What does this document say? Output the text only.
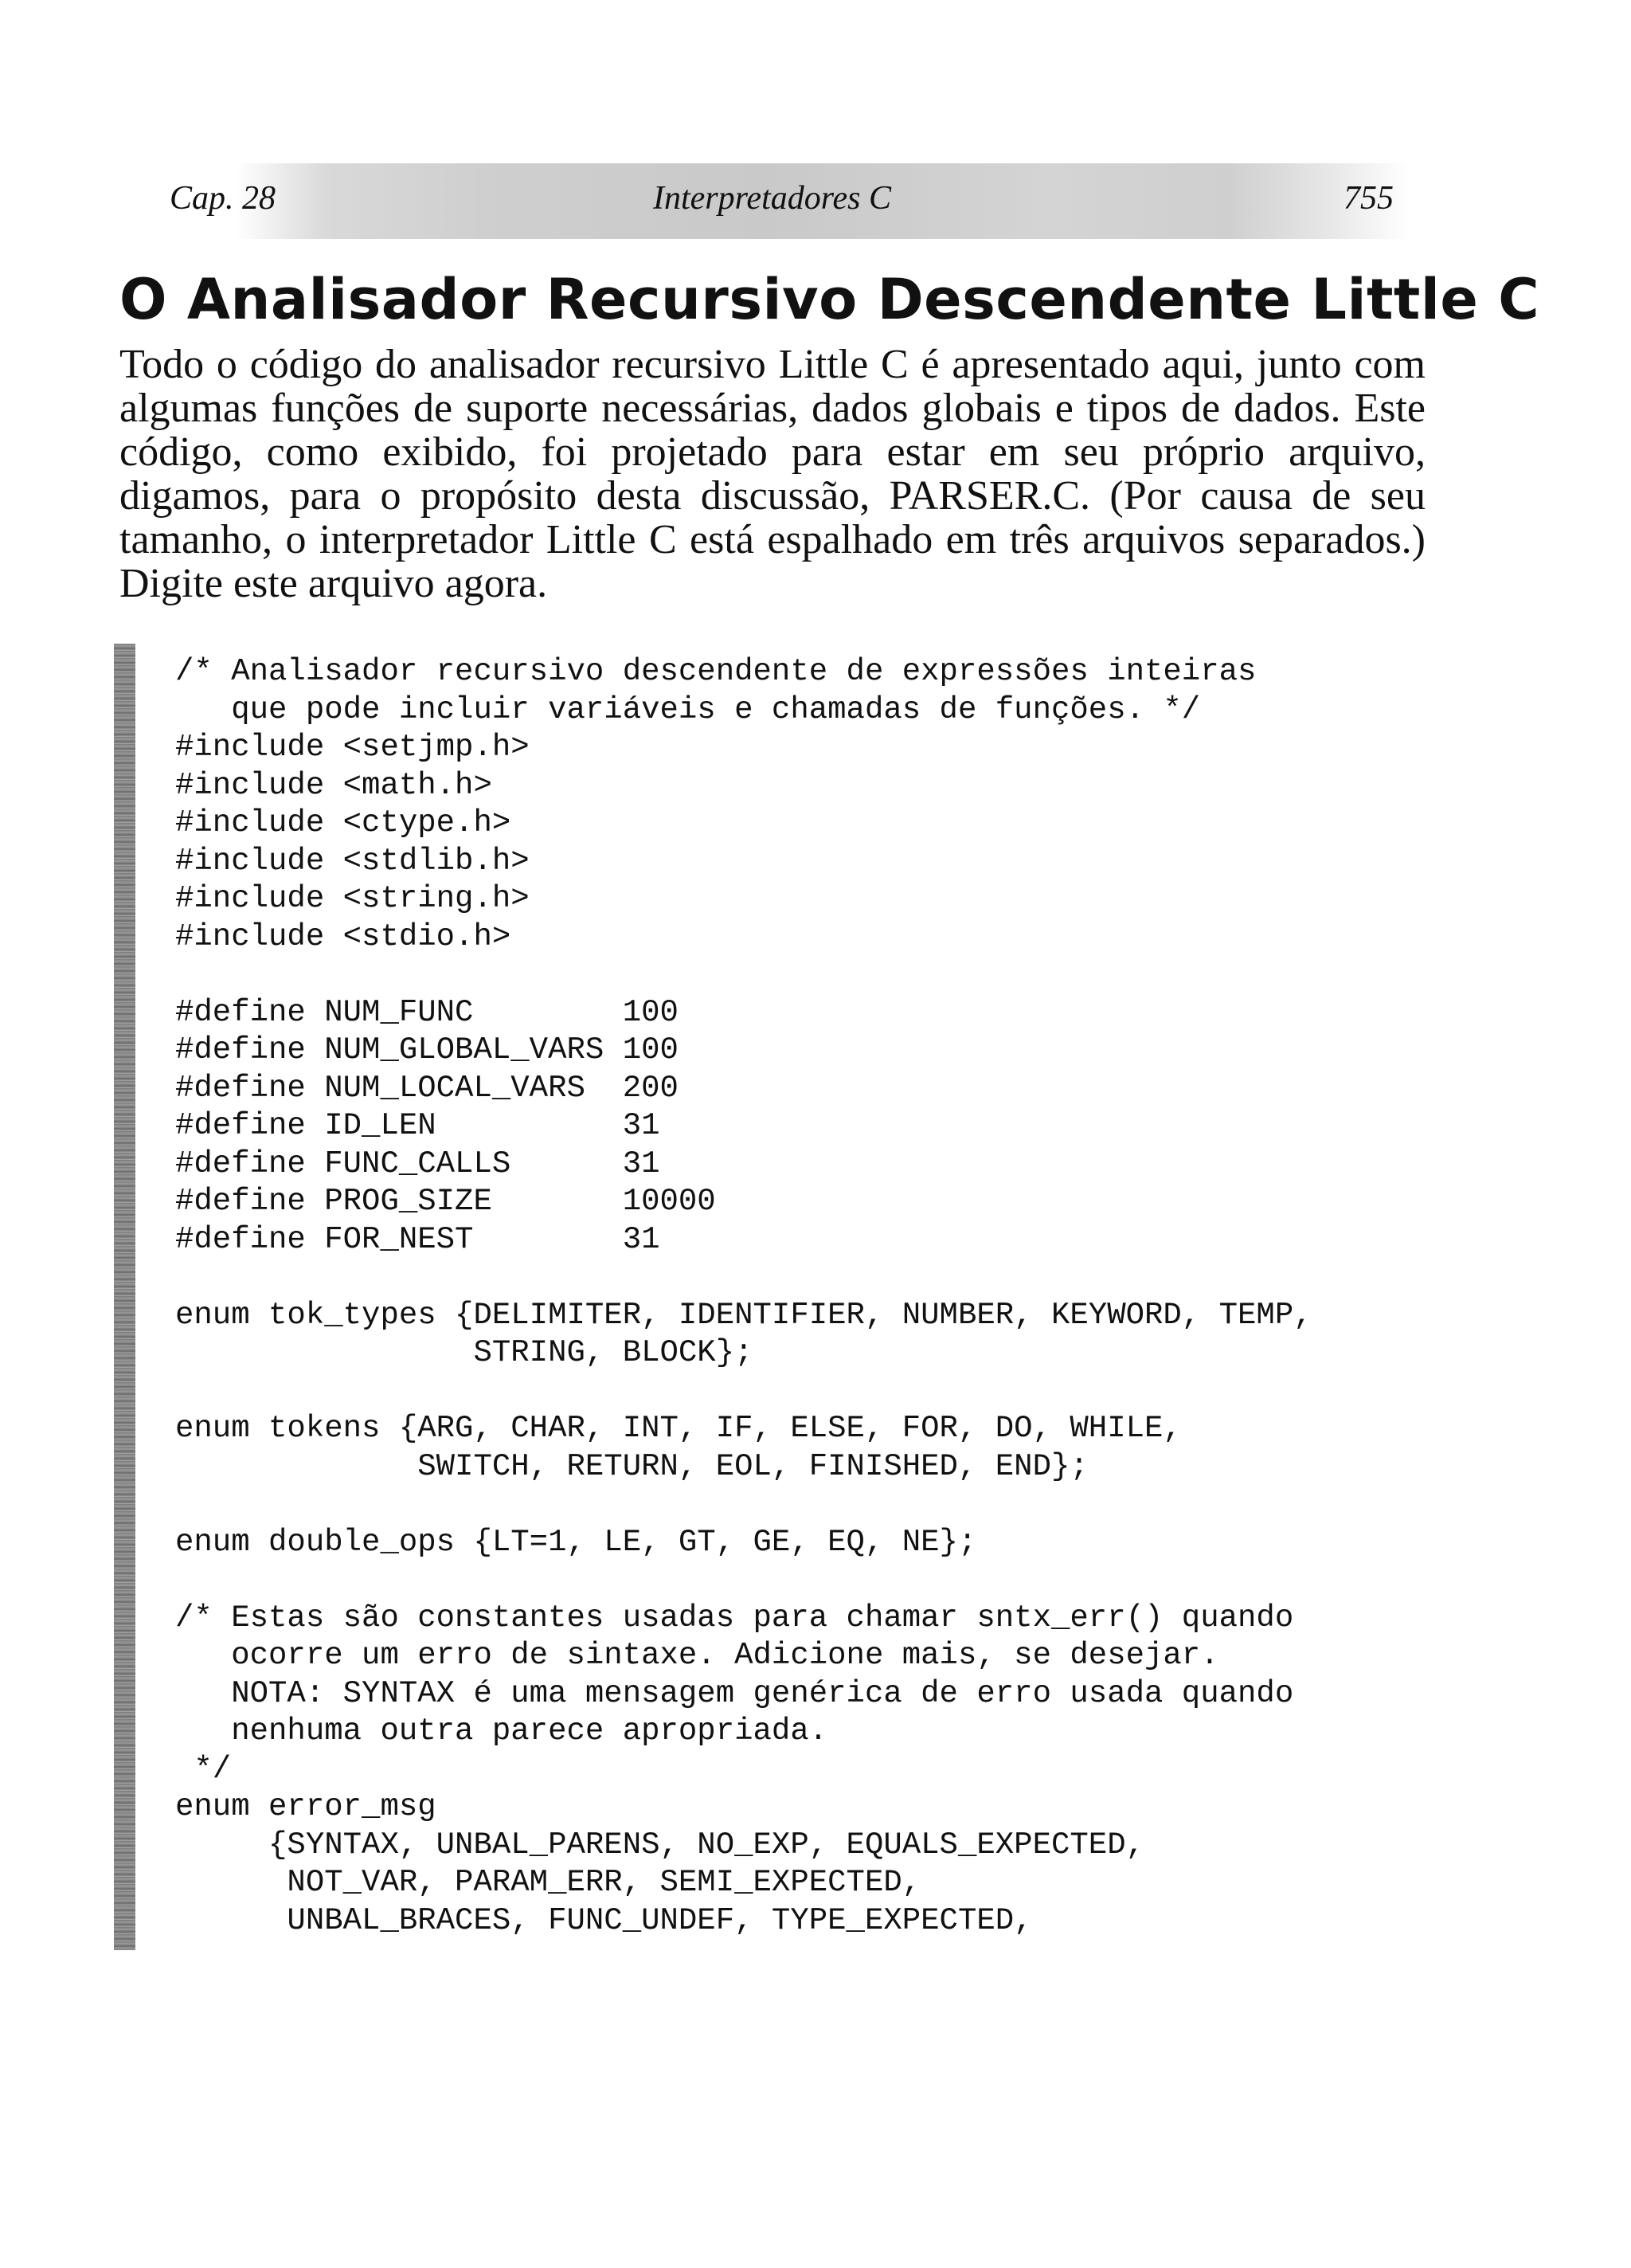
Cap. 28	Interpretadores C	755
O Analisador Recursivo Descendente Little C

Todo o código do analisador recursivo Little C é apresentado aqui, junto com algumas funções de suporte necessárias, dados globais e tipos de dados. Este código, como exibido, foi projetado para estar em seu próprio arquivo, digamos, para o propósito desta discussão, PARSER.C. (Por causa de seu tamanho, o interpretador Little C está espalhado em três arquivos separados.) Digite este arquivo agora.

/* Analisador recursivo descendente de expressões inteiras
que pode incluir variáveis e chamadas de funções. */
#include <setjmp.h>
#include <math.h>
#include <ctype.h>
#include <stdlib.h>
#include <string.h>
#include <stdio.h>
#define NUM_FUNC        100
#define NUM_GLOBAL_VARS 100
#define NUM_LOCAL_VARS  200
#define ID_LEN          31
#define FUNC_CALLS      31
#define PROG_SIZE       10000
#define FOR_NEST        31
enum tok_types {DELIMITER, IDENTIFIER, NUMBER, KEYWORD, TEMP,
STRING, BLOCK};
enum tokens {ARG, CHAR, INT, IF, ELSE, FOR, DO, WHILE,
SWITCH, RETURN, EOL, FINISHED, END};
enum double_ops {LT=1, LE, GT, GE, EQ, NE};
/* Estas são constantes usadas para chamar sntx_err() quando
ocorre um erro de sintaxe. Adicione mais, se desejar.
NOTA: SYNTAX é uma mensagem genérica de erro usada quando
nenhuma outra parece apropriada.
*/
enum error_msg
{SYNTAX, UNBAL_PARENS, NO_EXP, EQUALS_EXPECTED,
NOT_VAR, PARAM_ERR, SEMI_EXPECTED,
UNBAL_BRACES, FUNC_UNDEF, TYPE_EXPECTED,
